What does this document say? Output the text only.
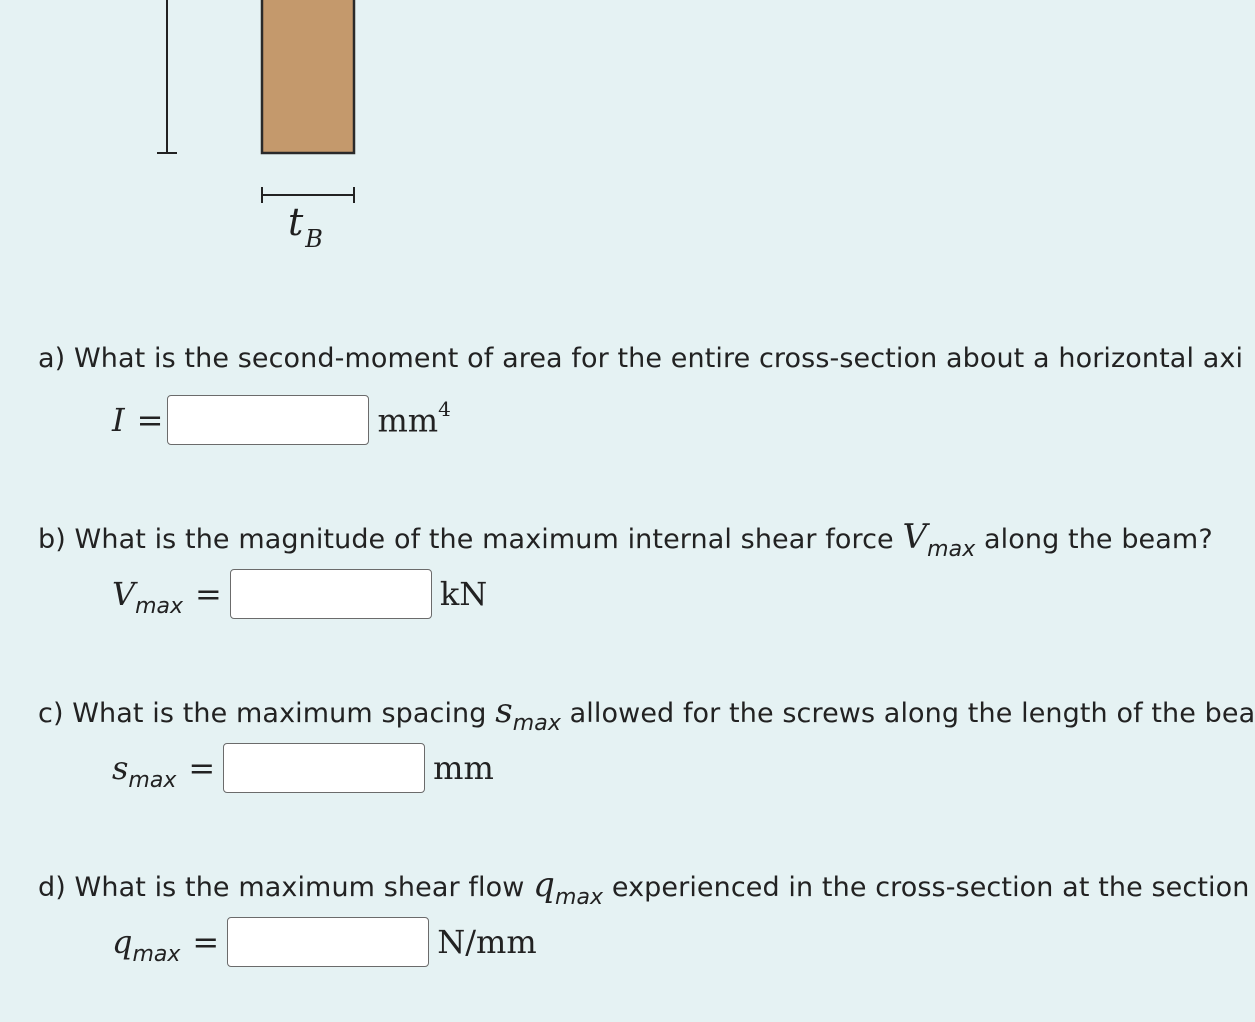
tB
a) What is the second-moment of area for the entire cross-section about a horizontal axi
I =	$mm^4$
b) What is the magnitude of the maximum internal shear force $V_{max}$ along the beam?
V max =	kN
c) What is the maximum spacing $s_{max}$ allowed for the screws along the length of the bea
s max =	mm
d) What is the maximum shear flow $q_{max}$ experienced in the cross-section at the section
q max =	N/mm
